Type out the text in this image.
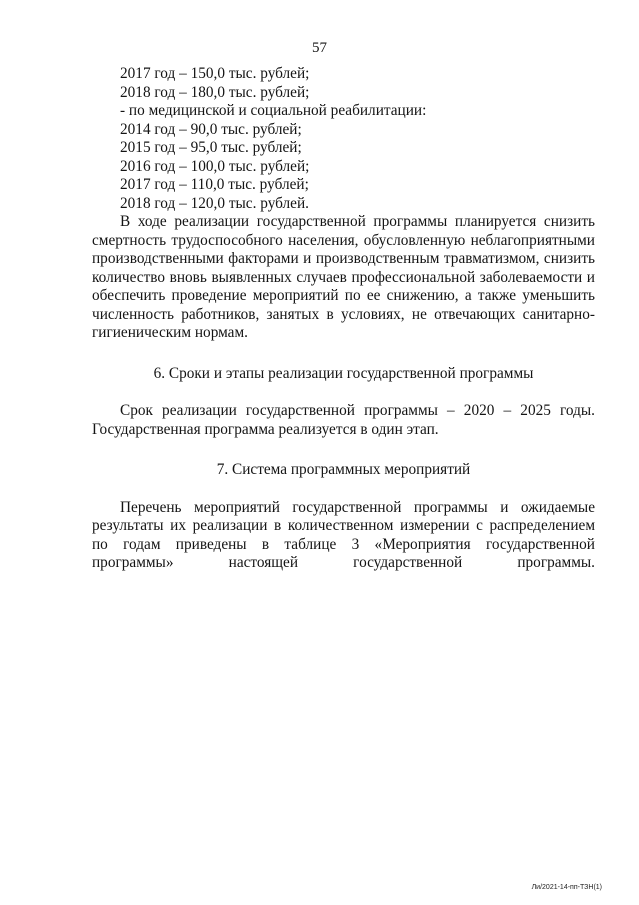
57
2017 год – 150,0 тыс. рублей;
2018 год – 180,0 тыс. рублей;
- по медицинской и социальной реабилитации:
2014 год – 90,0 тыс. рублей;
2015 год – 95,0 тыс. рублей;
2016 год – 100,0 тыс. рублей;
2017 год – 110,0 тыс. рублей;
2018 год – 120,0 тыс. рублей.

В ходе реализации государственной программы планируется снизить смертность трудоспособного населения, обусловленную неблагоприятными производственными факторами и производственным травматизмом, снизить количество вновь выявленных случаев профессиональной заболеваемости и обеспечить проведение мероприятий по ее снижению, а также уменьшить численность работников, занятых в условиях, не отвечающих санитарно-гигиеническим нормам.

6. Сроки и этапы реализации государственной программы

Срок реализации государственной программы – 2020 – 2025 годы. Государственная программа реализуется в один этап.

7. Система программных мероприятий

Перечень мероприятий государственной программы и ожидаемые результаты их реализации в количественном измерении с распределением по годам приведены в таблице 3 «Мероприятия государственной программы» настоящей государственной программы.

Ли/2021-14-пп-ТЗН(1)
